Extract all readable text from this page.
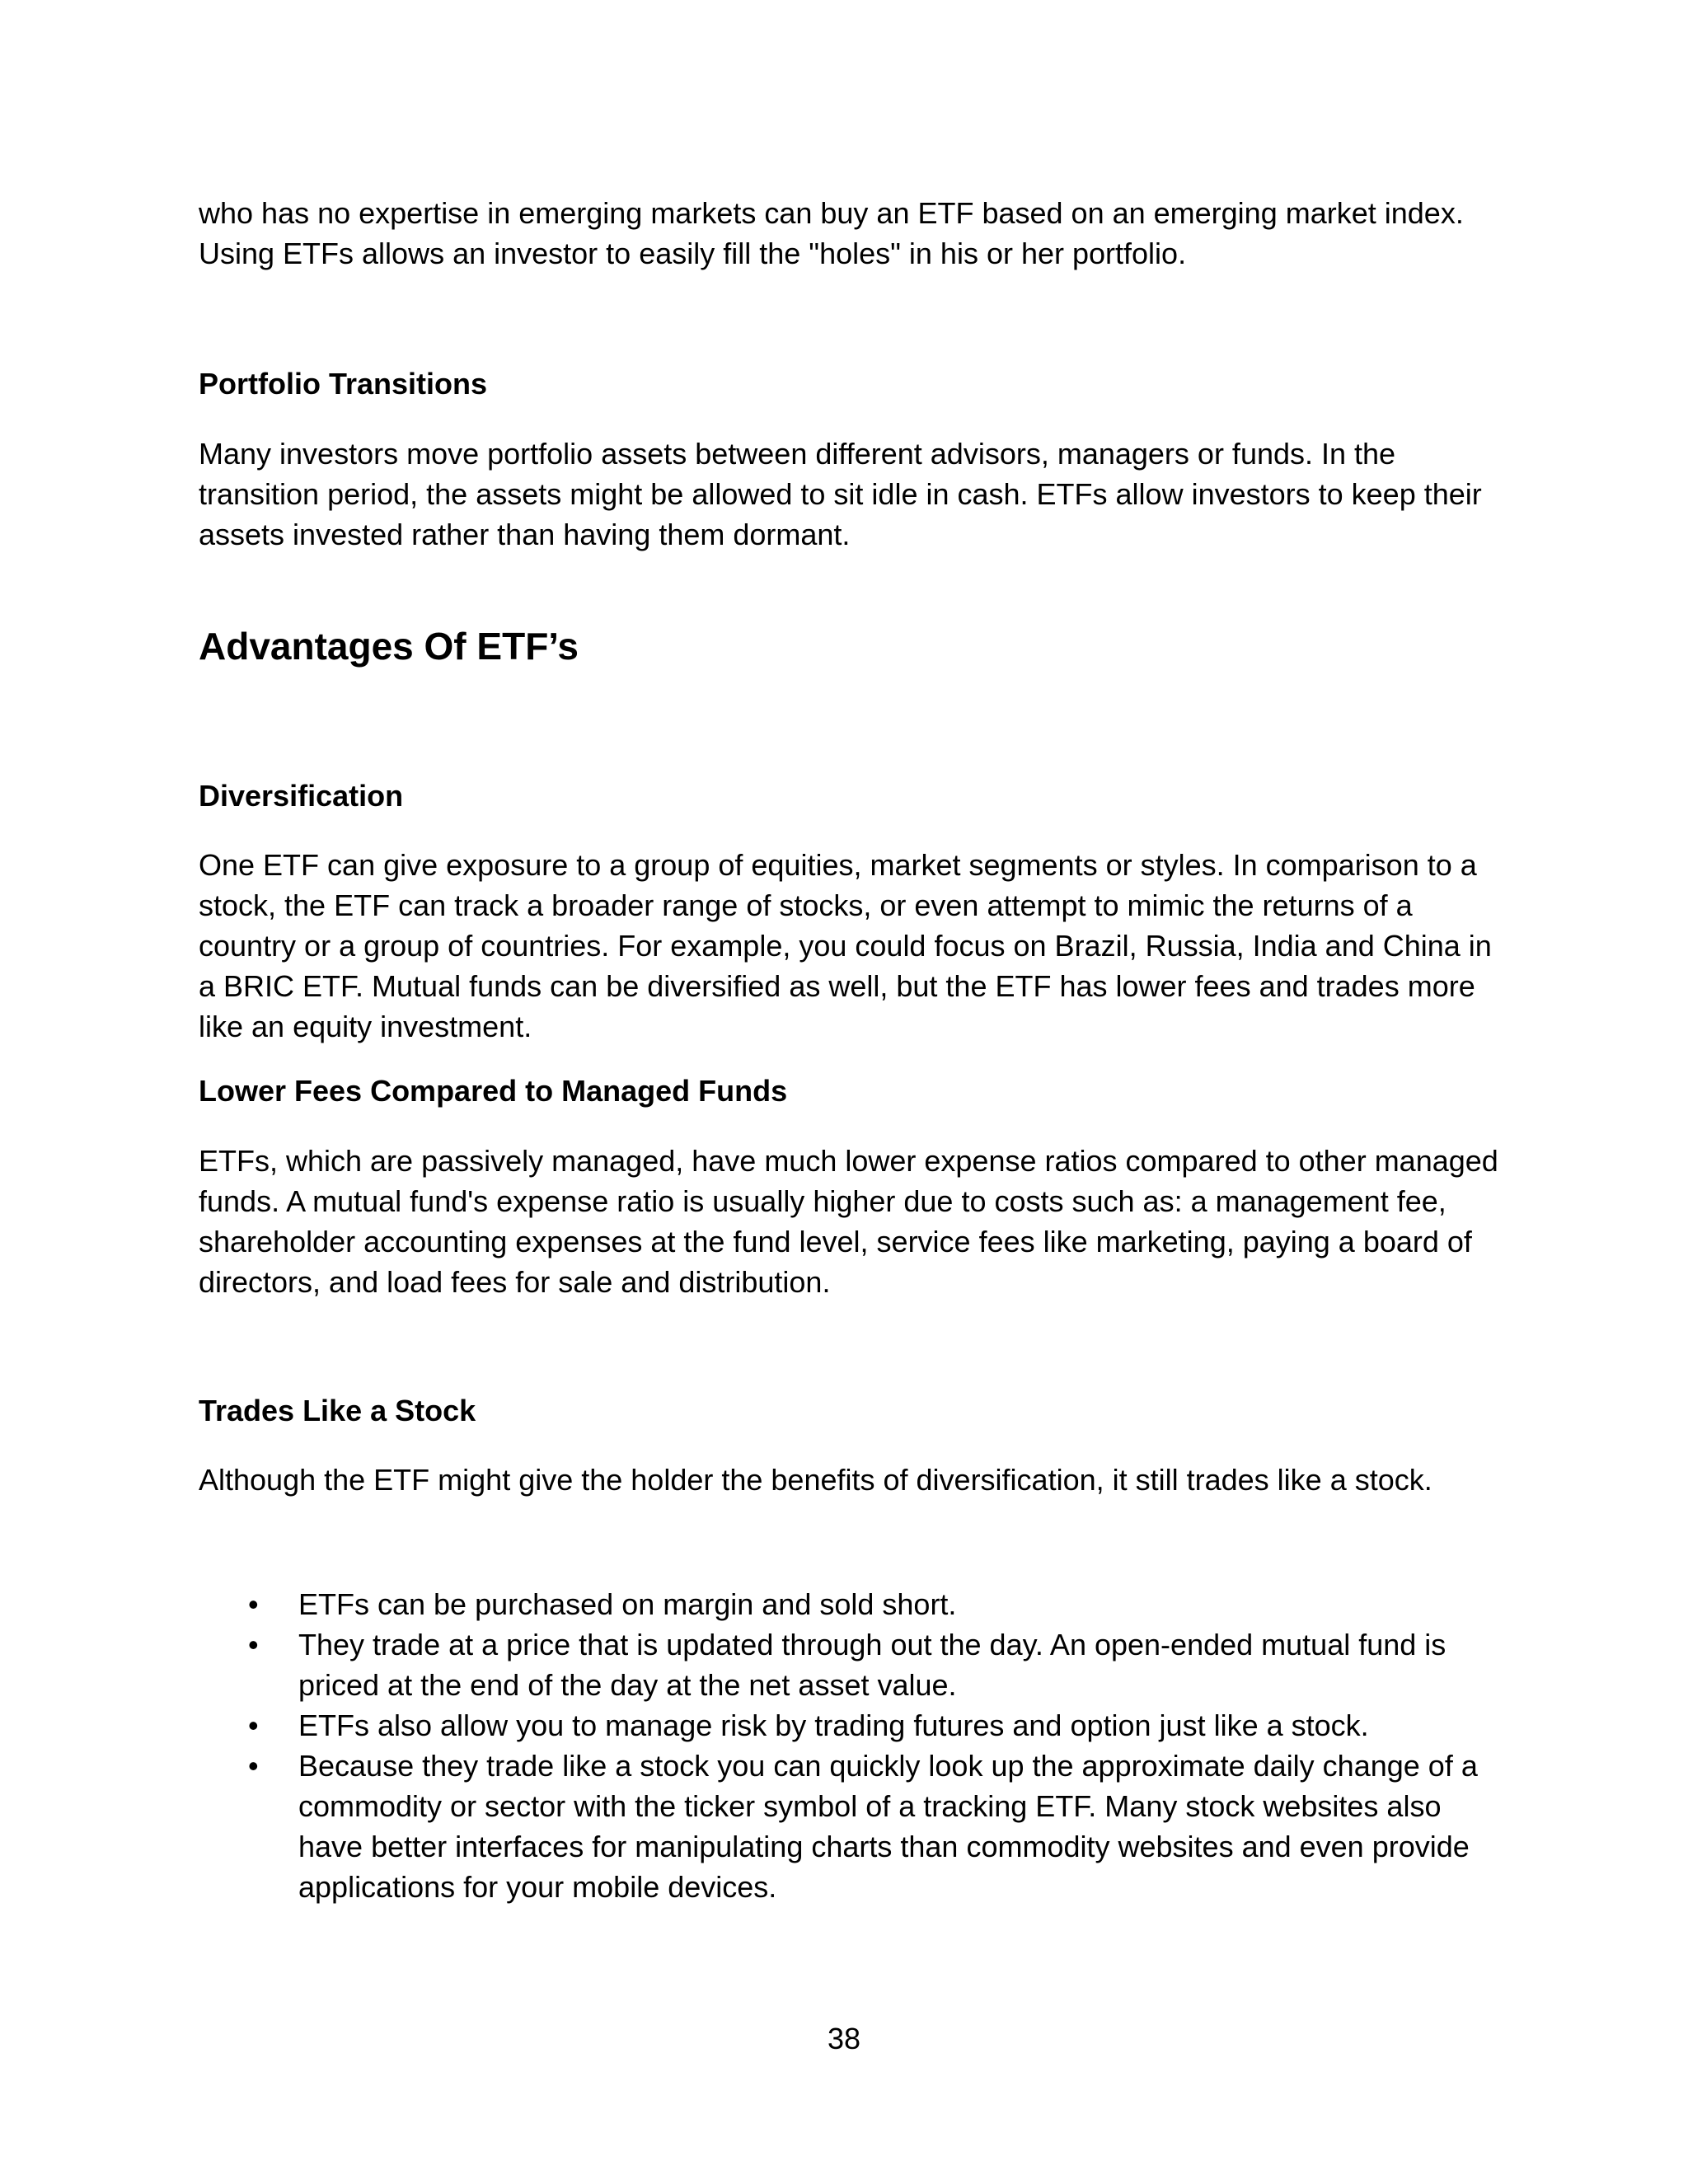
who has no expertise in emerging markets can buy an ETF based on an emerging market index. Using ETFs allows an investor to easily fill the "holes" in his or her portfolio.

Portfolio Transitions

Many investors move portfolio assets between different advisors, managers or funds. In the transition period, the assets might be allowed to sit idle in cash. ETFs allow investors to keep their assets invested rather than having them dormant.

Advantages Of ETF’s
Diversification

One ETF can give exposure to a group of equities, market segments or styles. In comparison to a stock, the ETF can track a broader range of stocks, or even attempt to mimic the returns of a country or a group of countries. For example, you could focus on Brazil, Russia, India and China in a BRIC ETF. Mutual funds can be diversified as well, but the ETF has lower fees and trades more like an equity investment.

Lower Fees Compared to Managed Funds

ETFs, which are passively managed, have much lower expense ratios compared to other managed funds. A mutual fund's expense ratio is usually higher due to costs such as: a management fee, shareholder accounting expenses at the fund level, service fees like marketing, paying a board of directors, and load fees for sale and distribution.

Trades Like a Stock

Although the ETF might give the holder the benefits of diversification, it still trades like a stock.

• ETFs can be purchased on margin and sold short.
• They trade at a price that is updated through out the day. An open-ended mutual fund is priced at the end of the day at the net asset value.
• ETFs also allow you to manage risk by trading futures and option just like a stock.
• Because they trade like a stock you can quickly look up the approximate daily change of a commodity or sector with the ticker symbol of a tracking ETF. Many stock websites also have better interfaces for manipulating charts than commodity websites and even provide applications for your mobile devices.
38
